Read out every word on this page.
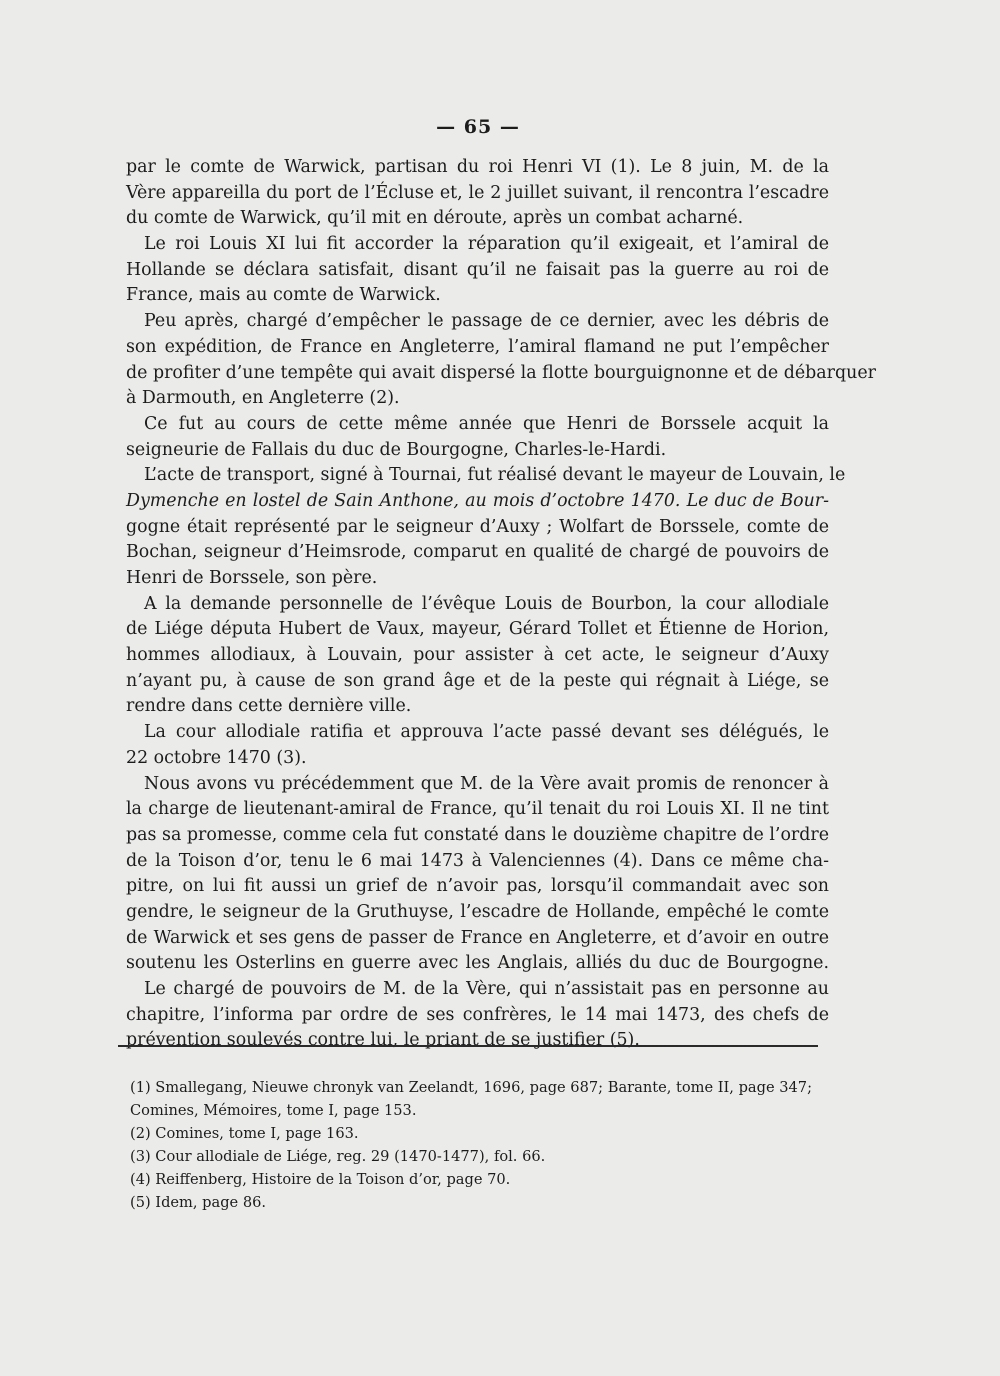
— 65 —
par le comte de Warwick, partisan du roi Henri VI (1). Le 8 juin, M. de la
Vère appareilla du port de l’Écluse et, le 2 juillet suivant, il rencontra l’escadre
du comte de Warwick, qu’il mit en déroute, après un combat acharné.
Le roi Louis XI lui fit accorder la réparation qu’il exigeait, et l’amiral de
Hollande se déclara satisfait, disant qu’il ne faisait pas la guerre au roi de
France, mais au comte de Warwick.
Peu après, chargé d’empêcher le passage de ce dernier, avec les débris de
son expédition, de France en Angleterre, l’amiral flamand ne put l’empêcher
de profiter d’une tempête qui avait dispersé la flotte bourguignonne et de débarquer
à Darmouth, en Angleterre (2).
Ce fut au cours de cette même année que Henri de Borssele acquit la
seigneurie de Fallais du duc de Bourgogne, Charles-le-Hardi.
L’acte de transport, signé à Tournai, fut réalisé devant le mayeur de Louvain, le
Dymenche en lostel de Sain Anthone, au mois d’octobre 1470. Le duc de Bour-
gogne était représenté par le seigneur d’Auxy ; Wolfart de Borssele, comte de
Bochan, seigneur d’Heimsrode, comparut en qualité de chargé de pouvoirs de
Henri de Borssele, son père.
A la demande personnelle de l’évêque Louis de Bourbon, la cour allodiale
de Liége députa Hubert de Vaux, mayeur, Gérard Tollet et Étienne de Horion,
hommes allodiaux, à Louvain, pour assister à cet acte, le seigneur d’Auxy
n’ayant pu, à cause de son grand âge et de la peste qui régnait à Liége, se
rendre dans cette dernière ville.
La cour allodiale ratifia et approuva l’acte passé devant ses délégués, le
22 octobre 1470 (3).
Nous avons vu précédemment que M. de la Vère avait promis de renoncer à
la charge de lieutenant-amiral de France, qu’il tenait du roi Louis XI. Il ne tint
pas sa promesse, comme cela fut constaté dans le douzième chapitre de l’ordre
de la Toison d’or, tenu le 6 mai 1473 à Valenciennes (4). Dans ce même cha-
pitre, on lui fit aussi un grief de n’avoir pas, lorsqu’il commandait avec son
gendre, le seigneur de la Gruthuyse, l’escadre de Hollande, empêché le comte
de Warwick et ses gens de passer de France en Angleterre, et d’avoir en outre
soutenu les Osterlins en guerre avec les Anglais, alliés du duc de Bourgogne.
Le chargé de pouvoirs de M. de la Vère, qui n’assistait pas en personne au
chapitre, l’informa par ordre de ses confrères, le 14 mai 1473, des chefs de
prévention soulevés contre lui, le priant de se justifier (5).
(1) Smallegang, Nieuwe chronyk van Zeelandt, 1696, page 687; Barante, tome II, page 347;
Comines, Mémoires, tome I, page 153.
(2) Comines, tome I, page 163.
(3) Cour allodiale de Liége, reg. 29 (1470-1477), fol. 66.
(4) Reiffenberg, Histoire de la Toison d’or, page 70.
(5) Idem, page 86.
